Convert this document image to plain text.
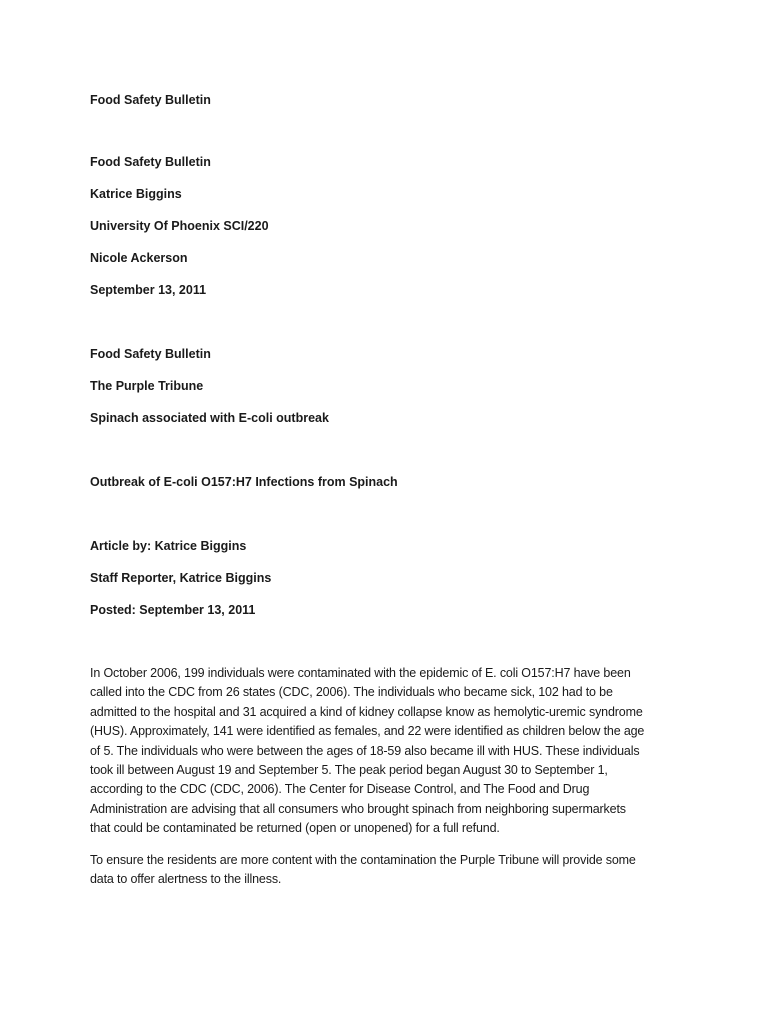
Food Safety Bulletin
Food Safety Bulletin
Katrice Biggins
University Of Phoenix SCI/220
Nicole Ackerson
September 13, 2011
Food Safety Bulletin
The Purple Tribune
Spinach associated with E-coli outbreak
Outbreak of E-coli O157:H7 Infections from Spinach
Article by: Katrice Biggins
Staff Reporter, Katrice Biggins
Posted: September 13, 2011
In October 2006, 199 individuals were contaminated with the epidemic of E. coli O157:H7 have been
called into the CDC from 26 states (CDC, 2006). The individuals who became sick, 102 had to be
admitted to the hospital and 31 acquired a kind of kidney collapse know as hemolytic-uremic syndrome
(HUS). Approximately, 141 were identified as females, and 22 were identified as children below the age
of 5. The individuals who were between the ages of 18-59 also became ill with HUS. These individuals
took ill between August 19 and September 5. The peak period began August 30 to September 1,
according to the CDC (CDC, 2006). The Center for Disease Control, and The Food and Drug
Administration are advising that all consumers who brought spinach from neighboring supermarkets
that could be contaminated be returned (open or unopened) for a full refund.
To ensure the residents are more content with the contamination the Purple Tribune will provide some
data to offer alertness to the illness.
